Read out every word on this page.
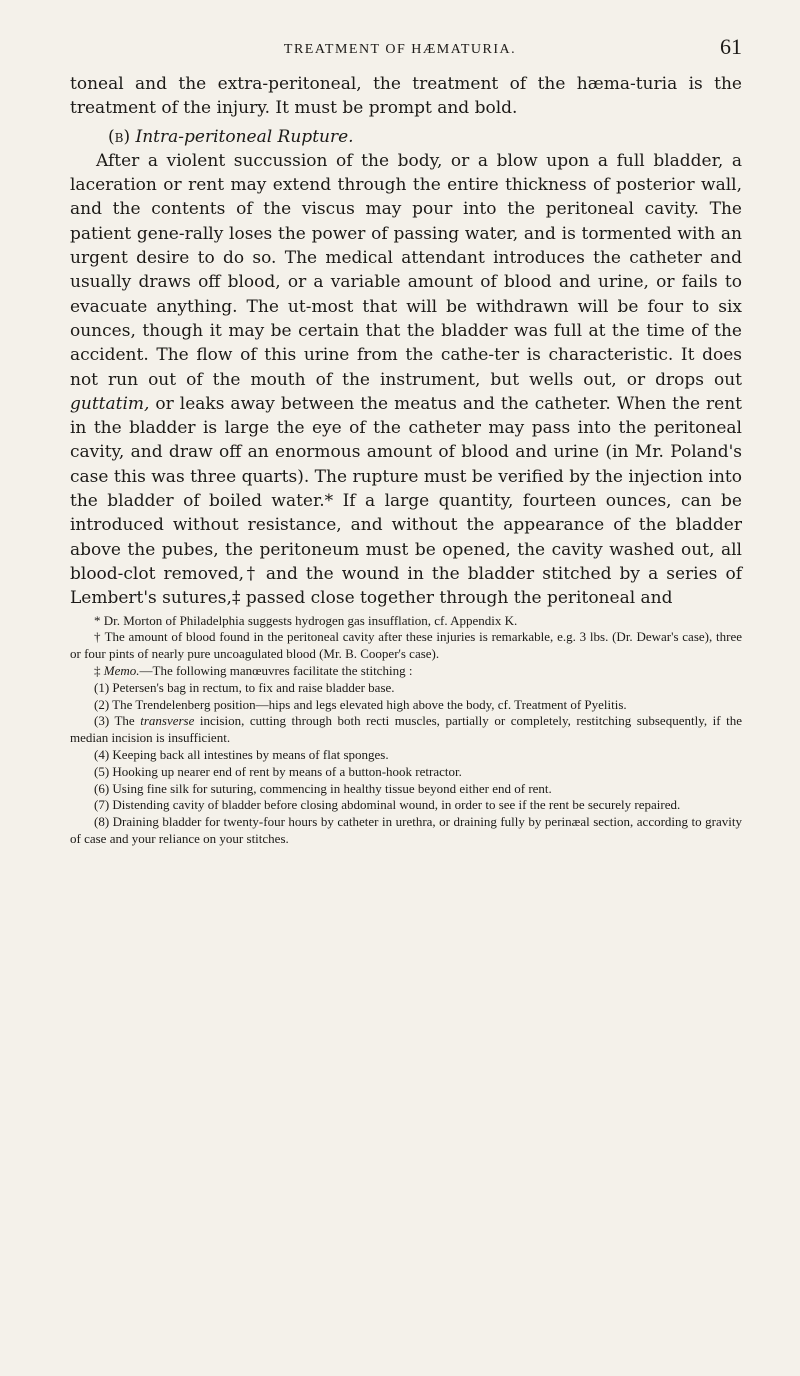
TREATMENT OF HÆMATURIA.	61

toneal and the extra-peritoneal, the treatment of the hæma-turia is the treatment of the injury. It must be prompt and bold.

(b) Intra-peritoneal Rupture.

After a violent succussion of the body, or a blow upon a full bladder, a laceration or rent may extend through the entire thickness of posterior wall, and the contents of the viscus may pour into the peritoneal cavity. The patient gene-rally loses the power of passing water, and is tormented with an urgent desire to do so. The medical attendant introduces the catheter and usually draws off blood, or a variable amount of blood and urine, or fails to evacuate anything. The ut-most that will be withdrawn will be four to six ounces, though it may be certain that the bladder was full at the time of the accident. The flow of this urine from the cathe-ter is characteristic. It does not run out of the mouth of the instrument, but wells out, or drops out guttatim, or leaks away between the meatus and the catheter. When the rent in the bladder is large the eye of the catheter may pass into the peritoneal cavity, and draw off an enormous amount of blood and urine (in Mr. Poland's case this was three quarts). The rupture must be verified by the injection into the bladder of boiled water.* If a large quantity, fourteen ounces, can be introduced without resistance, and without the appearance of the bladder above the pubes, the peritoneum must be opened, the cavity washed out, all blood-clot removed,† and the wound in the bladder stitched by a series of Lembert's sutures,‡ passed close together through the peritoneal and

* Dr. Morton of Philadelphia suggests hydrogen gas insufflation, cf. Appendix K.

† The amount of blood found in the peritoneal cavity after these injuries is remarkable, e.g. 3 lbs. (Dr. Dewar's case), three or four pints of nearly pure uncoagulated blood (Mr. B. Cooper's case).

‡ Memo.—The following manœuvres facilitate the stitching :

(1) Petersen's bag in rectum, to fix and raise bladder base.

(2) The Trendelenberg position—hips and legs elevated high above the body, cf. Treatment of Pyelitis.

(3) The transverse incision, cutting through both recti muscles, partially or completely, restitching subsequently, if the median incision is insufficient.

(4) Keeping back all intestines by means of flat sponges.

(5) Hooking up nearer end of rent by means of a button-hook retractor.

(6) Using fine silk for suturing, commencing in healthy tissue beyond either end of rent.

(7) Distending cavity of bladder before closing abdominal wound, in order to see if the rent be securely repaired.

(8) Draining bladder for twenty-four hours by catheter in urethra, or draining fully by perinæal section, according to gravity of case and your reliance on your stitches.
